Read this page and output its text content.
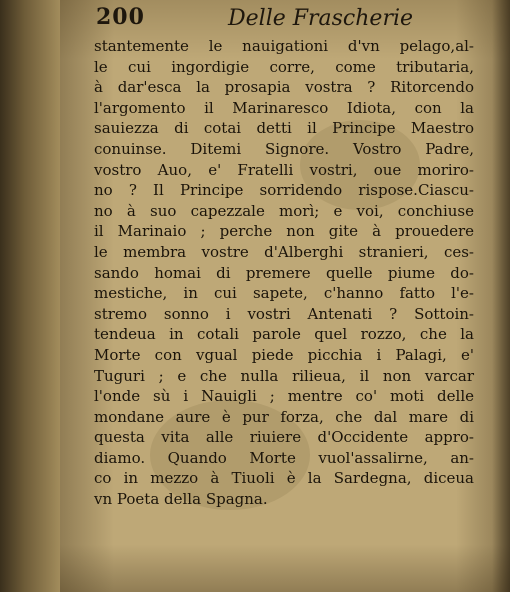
200	Delle Frascherie
stantemente le nauigationi d'vn pelago,al-
le cui ingordigie corre, come tributaria,
à dar'esca la prosapia vostra ? Ritorcendo
l'argomento il Marinaresco Idiota, con la
sauiezza di cotai detti il Principe Maestro
conuinse. Ditemi Signore. Vostro Padre,
vostro Auo, e' Fratelli vostri, oue moriro-
no ? Il Principe sorridendo rispose.Ciascu-
no à suo capezzale morì; e voi, conchiuse
il Marinaio ; perche non gite à prouedere
le membra vostre d'Alberghi stranieri, ces-
sando homai di premere quelle piume do-
mestiche, in cui sapete, c'hanno fatto l'e-
stremo sonno i vostri Antenati ? Sottoin-
tendeua in cotali parole quel rozzo, che la
Morte con vgual piede picchia i Palagi, e'
Tuguri ; e che nulla rilieua, il non varcar
l'onde sù i Nauigli ; mentre co' moti delle
mondane aure è pur forza, che dal mare di
questa vita alle riuiere d'Occidente appro-
diamo. Quando Morte vuol'assalirne, an-
co in mezzo à Tiuoli è la Sardegna, diceua
vn Poeta della Spagna.
